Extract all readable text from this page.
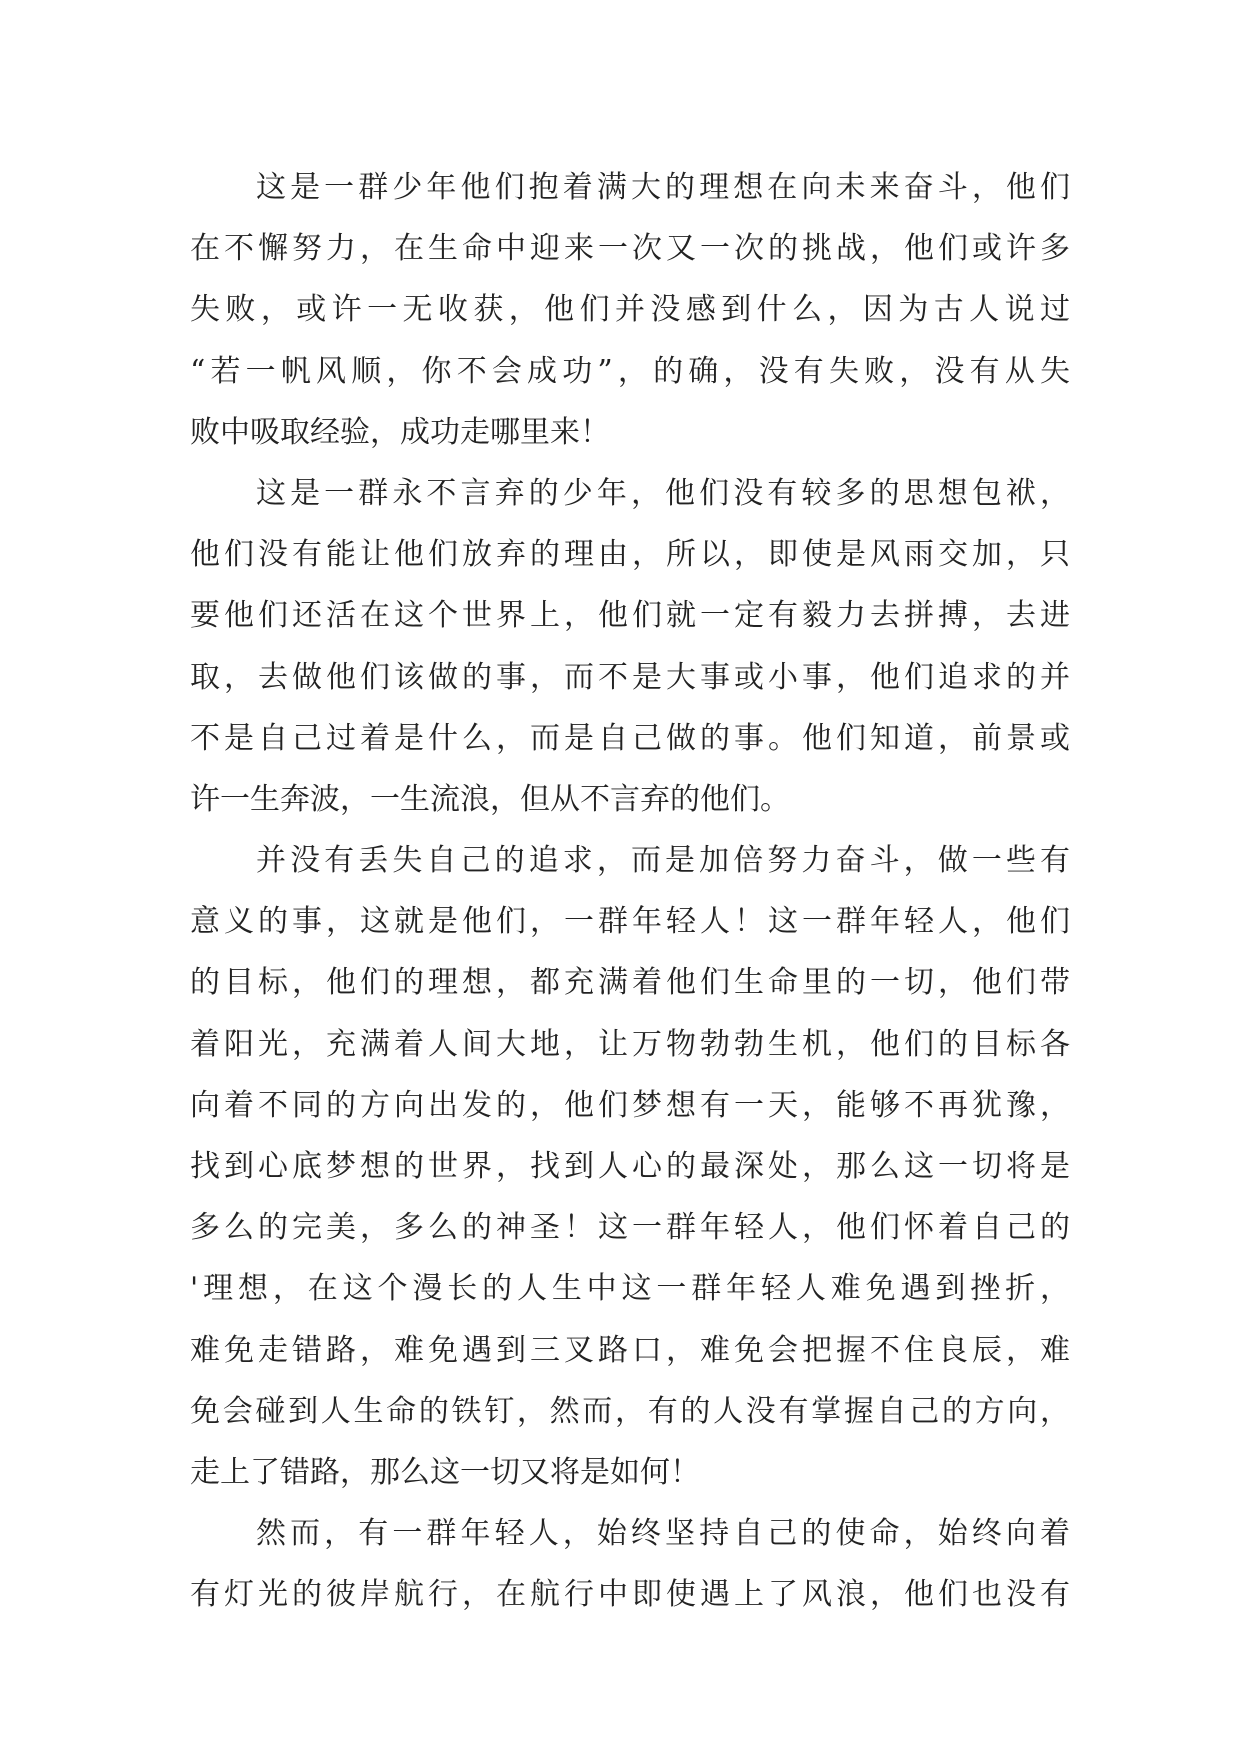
这是一群少年他们抱着满大的理想在向未来奋斗，他们
在不懈努力，在生命中迎来一次又一次的挑战，他们或许多
失败，或许一无收获，他们并没感到什么，因为古人说过
“若一帆风顺，你不会成功”，的确，没有失败，没有从失
败中吸取经验，成功走哪里来！
这是一群永不言弃的少年，他们没有较多的思想包袱，
他们没有能让他们放弃的理由，所以，即使是风雨交加，只
要他们还活在这个世界上，他们就一定有毅力去拼搏，去进
取，去做他们该做的事，而不是大事或小事，他们追求的并
不是自己过着是什么，而是自己做的事。他们知道，前景或
许一生奔波，一生流浪，但从不言弃的他们。
并没有丢失自己的追求，而是加倍努力奋斗，做一些有
意义的事，这就是他们，一群年轻人！这一群年轻人，他们
的目标，他们的理想，都充满着他们生命里的一切，他们带
着阳光，充满着人间大地，让万物勃勃生机，他们的目标各
向着不同的方向出发的，他们梦想有一天，能够不再犹豫，
找到心底梦想的世界，找到人心的最深处，那么这一切将是
多么的完美，多么的神圣！这一群年轻人，他们怀着自己的
'理想，在这个漫长的人生中这一群年轻人难免遇到挫折，
难免走错路，难免遇到三叉路口，难免会把握不住良辰，难
免会碰到人生命的铁钉，然而，有的人没有掌握自己的方向，
走上了错路，那么这一切又将是如何！
然而，有一群年轻人，始终坚持自己的使命，始终向着
有灯光的彼岸航行，在航行中即使遇上了风浪，他们也没有
